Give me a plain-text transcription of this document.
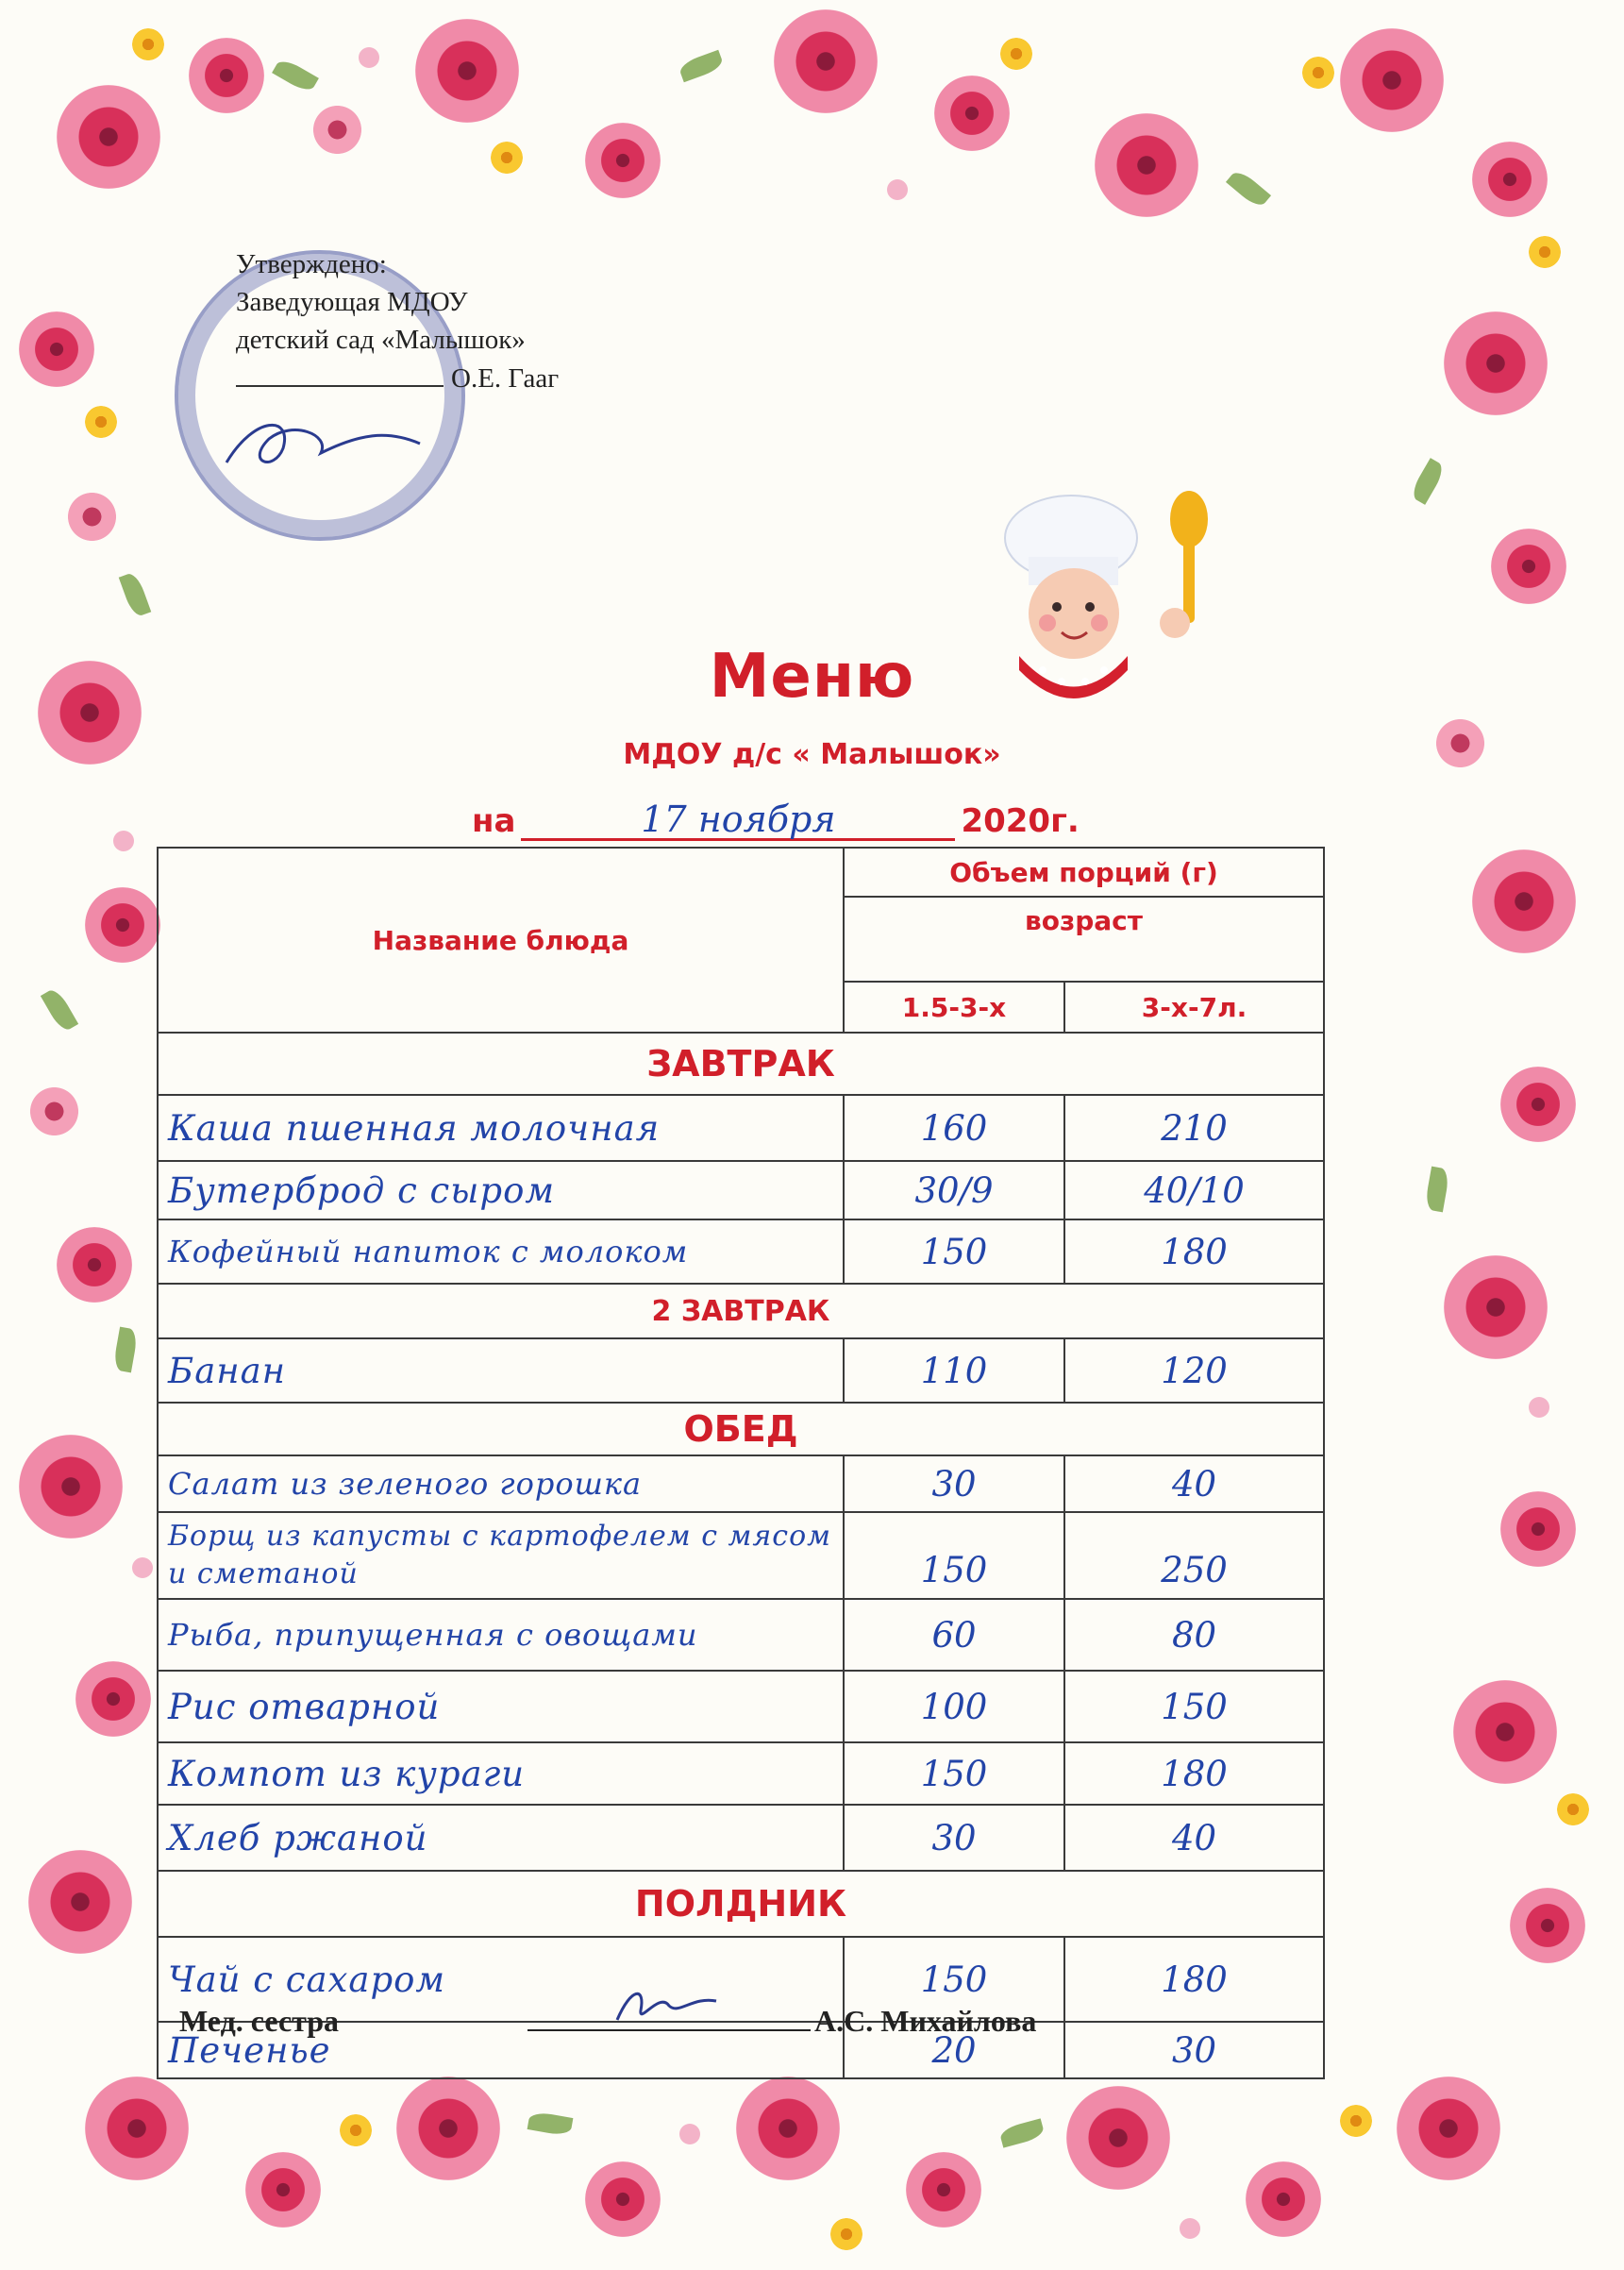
Утверждено:
Заведующая МДОУ
детский сад «Малышок»
О.Е. Гааг
Меню
МДОУ д/с « Малышок»
на	17 ноября	2020г.
Название блюда	Объем порций (г)	
	возраст	
	1.5-3-х	3-х-7л.
ЗАВТРАК		
Каша пшенная молочная	160	210
Бутерброд с сыром	30/9	40/10
Кофейный напиток с молоком	150	180
2 ЗАВТРАК		
Банан	110	120
ОБЕД		
Салат из зеленого горошка	30	40
Борщ из капусты с картофелем с мясом и сметаной	150	250
Рыба, припущенная с овощами	60	80
Рис отварной	100	150
Компот из кураги	150	180
Хлеб ржаной	30	40
ПОЛДНИК		
Чай с сахаром	150	180
Печенье	20	30
Мед. сестра	А.С. Михайлова
